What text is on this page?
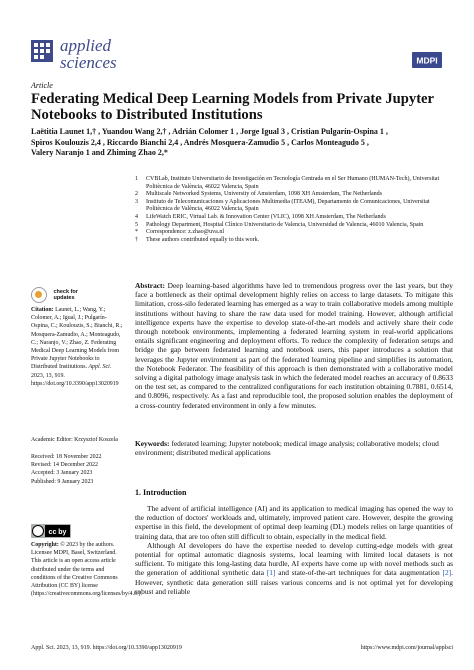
applied
sciences	MDPI
Article
Federating Medical Deep Learning Models from Private Jupyter Notebooks to Distributed Institutions
Laëtitia Launet 1,† , Yuandou Wang 2,† , Adrián Colomer 1 , Jorge Igual 3 , Cristian Pulgarín-Ospina 1 ,
Spiros Koulouzis 2,4 , Riccardo Bianchi 2,4 , Andrés Mosquera-Zamudio 5 , Carlos Monteagudo 5 ,
Valery Naranjo 1 and Zhiming Zhao 2,*
1	CVBLab, Instituto Universitario de Investigación en Tecnología Centrada en el Ser Humano (HUMAN-Tech), Universitat Politècnica de València, 46022 Valencia, Spain
2	Multiscale Networked Systems, University of Amsterdam, 1098 XH Amsterdam, The Netherlands
3	Instituto de Telecomunicaciones y Aplicaciones Multimedia (ITEAM), Departamento de Comunicaciones, Universitat Politècnica de València, 46022 Valencia, Spain
4	LifeWatch ERIC, Virtual Lab. & Innovation Center (VLIC), 1098 XH Amsterdam, The Netherlands
5	Pathology Department, Hospital Clínico Universitario de Valencia, Universidad de Valencia, 46010 Valencia, Spain
*	Correspondence: z.zhao@uva.nl
†	These authors contributed equally to this work.

check for
updates
Citation: Launet, L.; Wang, Y.; Colomer, A.; Igual, J.; Pulgarín-Ospina, C.; Koulouzis, S.; Bianchi, R.; Mosquera-Zamudio, A.; Monteagudo, C.; Naranjo, V.; Zhao, Z. Federating Medical Deep Learning Models from Private Jupyter Notebooks to Distributed Institutions. Appl. Sci. 2023, 13, 919. https://doi.org/10.3390/app13020919
Academic Editor: Krzysztof Koszela
Received: 18 November 2022
Revised: 14 December 2022
Accepted: 3 January 2023
Published: 9 January 2023
cc by
Copyright: © 2023 by the authors. Licensee MDPI, Basel, Switzerland. This article is an open access article distributed under the terms and conditions of the Creative Commons Attribution (CC BY) license (https://creativecommons.org/licenses/by/4.0/).
Abstract: Deep learning-based algorithms have led to tremendous progress over the last years, but they face a bottleneck as their optimal development highly relies on access to large datasets. To mitigate this limitation, cross-silo federated learning has emerged as a way to train collaborative models among multiple institutions without having to share the raw data used for model training. However, although artificial intelligence experts have the expertise to develop state-of-the-art models and actively share their code through notebook environments, implementing a federated learning system in real-world applications entails significant engineering and deployment efforts. To reduce the complexity of federation setups and bridge the gap between federated learning and notebook users, this paper introduces a solution that leverages the Jupyter environment as part of the federated learning pipeline and simplifies its automation, the Notebook Federator. The feasibility of this approach is then demonstrated with a collaborative model solving a digital pathology image analysis task in which the federated model reaches an accuracy of 0.8633 on the test set, as compared to the centralized configurations for each institution obtaining 0.7881, 0.6514, and 0.8096, respectively. As a fast and reproducible tool, the proposed solution enables the deployment of a cross-country federated environment in only a few minutes.
Keywords: federated learning; Jupyter notebook; medical image analysis; collaborative models; cloud environment; distributed medical applications
1. Introduction

The advent of artificial intelligence (AI) and its application to medical imaging has opened the way to the reduction of doctors' workloads and, ultimately, improved patient care. However, despite the growing expertise in this field, the development of optimal deep learning (DL) models relies on large quantities of training data, that are too often still difficult to obtain, especially in the medical field.

Although AI developers do have the expertise needed to develop cutting-edge models with great potential for optimal automatic diagnosis systems, local learning with limited local datasets is not sufficient. To mitigate this long-lasting data hurdle, AI experts have come up with novel methods such as the generation of additional synthetic data [1] and state-of-the-art techniques for data augmentation [2]. However, synthetic data generation still raises various concerns and is not optimal yet for developing robust and reliable

Appl. Sci. 2023, 13, 919. https://doi.org/10.3390/app13020919	https://www.mdpi.com/journal/applsci
